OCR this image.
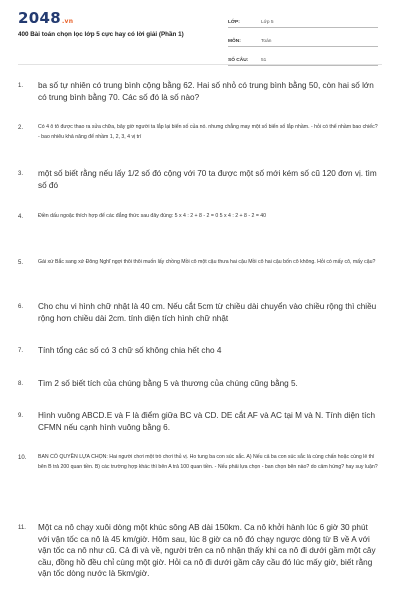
2048.vn
400 Bài toán chọn lọc lớp 5 cực hay có lời giải (Phần 1)
LỚP:	Lớp 5
MÔN:	Toán
SỐ CÂU:	51
1.	ba số tự nhiên có trung bình cộng bằng 62. Hai số nhỏ có trung bình bằng 50, còn hai số lớn có trung bình bằng 70. Các số đó là số nào?
2.	Có 4 ô tô được thao ra sửa chữa, bây giờ người ta lắp lại biển số của nó. nhưng chẳng may một số biển số lắp nhầm. - hỏi có thể nhầm bao chiếc? - bao nhiêu khả năng để nhầm 1, 2, 3, 4 vị trí
3.	một số biết rằng nếu lấy 1/2 số đó cộng với 70 ta được một số mới kém số cũ 120 đơn vị. tìm số đó
4.	Điền dấu ngoặc thích hợp để các đẳng thức sau đây đúng: 5 x 4 : 2 + 8 - 2 = 0 5 x 4 : 2 + 8 - 2 = 40
5.	Gái xứ Bắc sang xứ Đông Nghĩ ngợi thôi thôi muốn lấy chồng Mồi cô một cậu thưa hai cậu Mồi cô hai cậu bốn cô không. Hỏi có mấy cô, mấy cậu?
6.	Cho chu vi hình chữ nhật là 40 cm. Nếu cắt 5cm từ chiều dài chuyển vào chiều rộng thì chiều rộng hơn chiều dài 2cm. tính diện tích hình chữ nhật
7.	Tính tổng các số có 3 chữ số không chia hết cho 4
8.	Tìm 2 số biết tích của chúng bằng 5 và thương của chúng cũng bằng 5.
9.	Hình vuông ABCD.E và F là điểm giữa BC và CD. DE cắt AF và AC tại M và N. Tính diện tích CFMN nếu cạnh hình vuông bằng 6.
10.	BAN CÓ QUYỀN LỰA CHỌN: Hai người chơi một trò chơi thủ vị. Ho tung ba con súc sắc. A) Nếu cả ba con súc sắc là cùng chấn hoặc cùng lẻ thì bên B trả 200 quan tiền. B) các trường hợp khác thì bên A trả 100 quan tiền. - Nếu phải lựa chọn - ban chọn bên nào? do cảm hứng? hay suy luận?
11.	Một ca nô chạy xuôi dòng một khúc sông AB dài 150km. Ca nô khởi hành lúc 6 giờ 30 phút với vận tốc ca nô là 45 km/giờ. Hôm sau, lúc 8 giờ ca nô đó chạy ngược dòng từ B về A với vận tốc ca nô như cũ. Cả đi và về, người trên ca nô nhận thấy khi ca nô đi dưới gầm một cây cầu, đồng hồ đều chỉ cùng một giờ. Hỏi ca nô đi dưới gầm cây cầu đó lúc mấy giờ, biết rằng vận tốc dòng nước là 5km/giờ.
